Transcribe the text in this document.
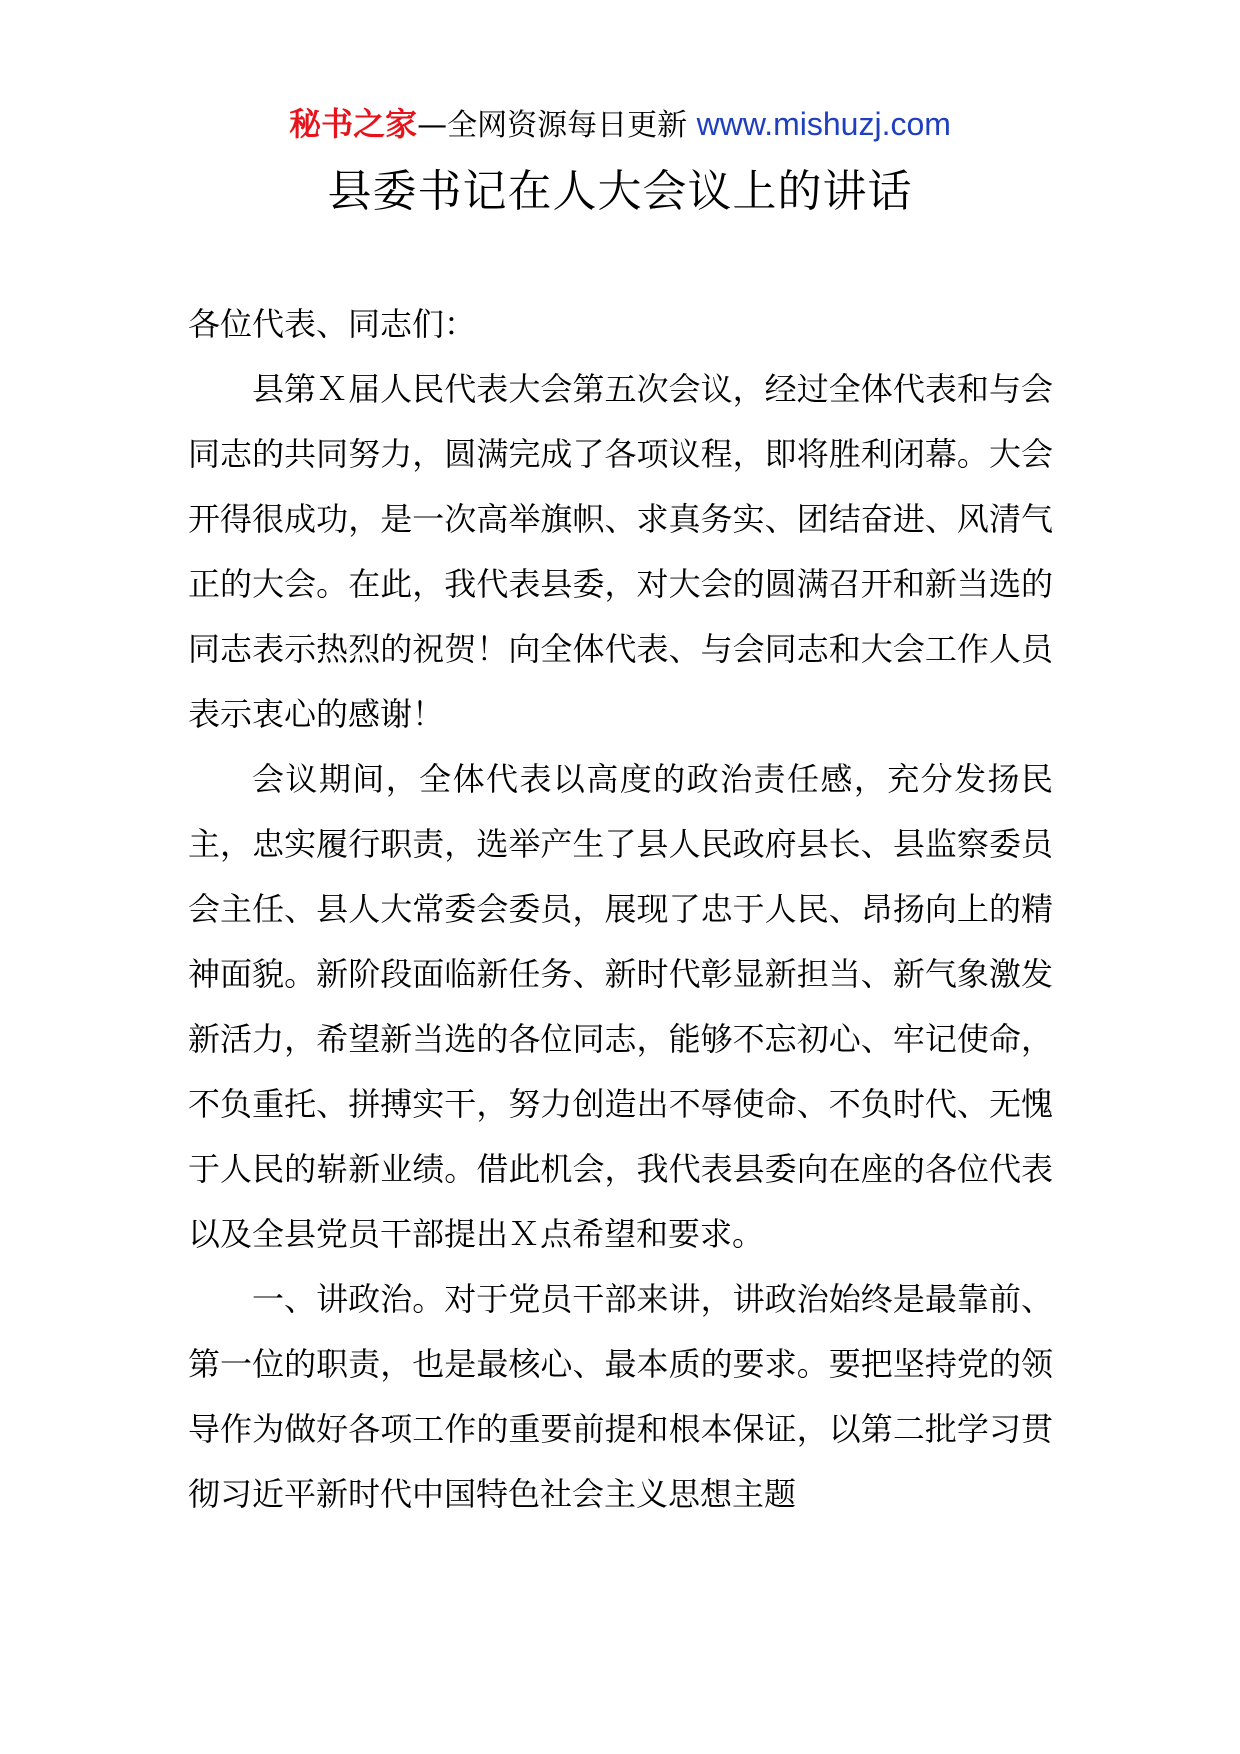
秘书之家—全网资源每日更新 www.mishuzj.com
县委书记在人大会议上的讲话

各位代表、同志们：

县第Ｘ届人民代表大会第五次会议，经过全体代表和与会同志的共同努力，圆满完成了各项议程，即将胜利闭幕。大会开得很成功，是一次高举旗帜、求真务实、团结奋进、风清气正的大会。在此，我代表县委，对大会的圆满召开和新当选的同志表示热烈的祝贺！向全体代表、与会同志和大会工作人员表示衷心的感谢！

会议期间，全体代表以高度的政治责任感，充分发扬民主，忠实履行职责，选举产生了县人民政府县长、县监察委员会主任、县人大常委会委员，展现了忠于人民、昂扬向上的精神面貌。新阶段面临新任务、新时代彰显新担当、新气象激发新活力，希望新当选的各位同志，能够不忘初心、牢记使命，不负重托、拼搏实干，努力创造出不辱使命、不负时代、无愧于人民的崭新业绩。借此机会，我代表县委向在座的各位代表以及全县党员干部提出Ｘ点希望和要求。

一、讲政治。对于党员干部来讲，讲政治始终是最靠前、第一位的职责，也是最核心、最本质的要求。要把坚持党的领导作为做好各项工作的重要前提和根本保证，以第二批学习贯彻习近平新时代中国特色社会主义思想主题
